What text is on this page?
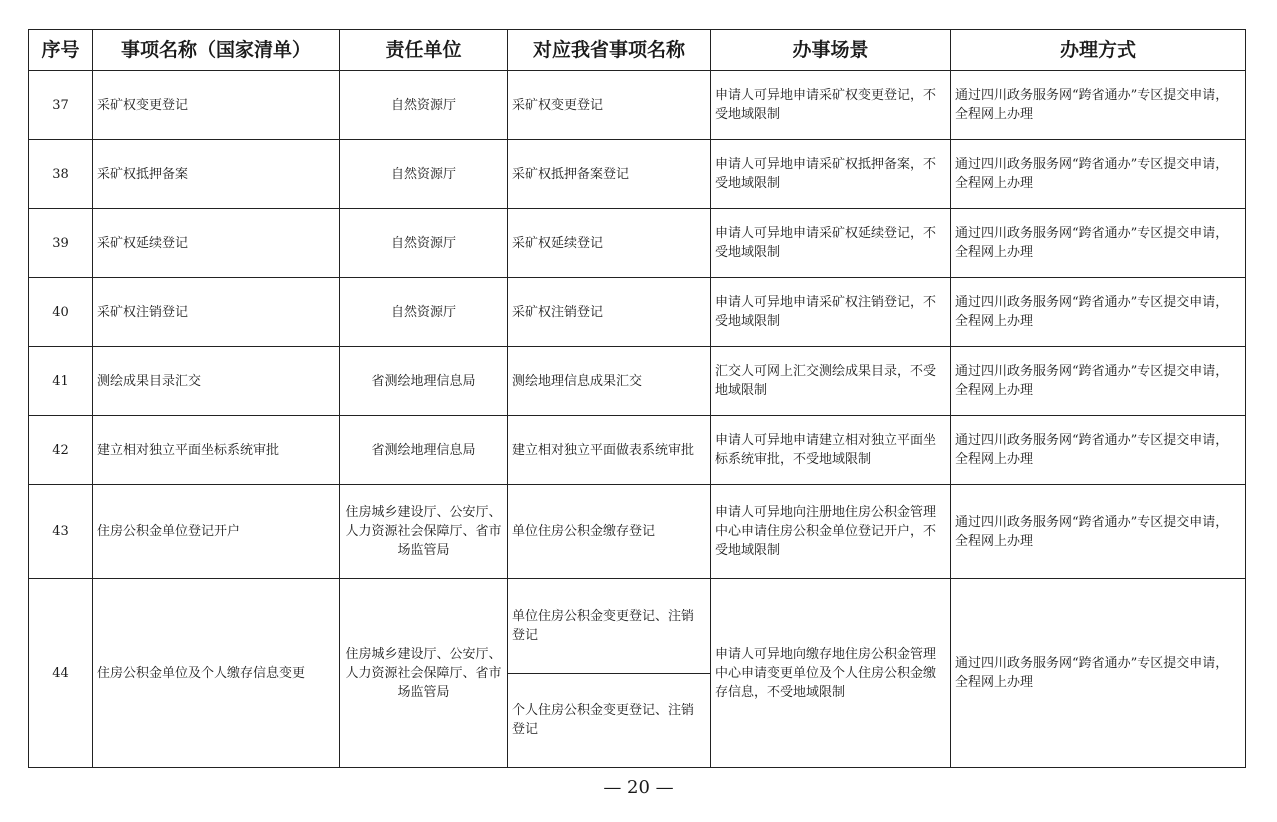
序号	事项名称（国家清单）	责任单位	对应我省事项名称	办事场景	办理方式
37	采矿权变更登记	自然资源厅	采矿权变更登记	申请人可异地申请采矿权变更登记，不受地域限制	通过四川政务服务网“跨省通办”专区提交申请，全程网上办理
38	采矿权抵押备案	自然资源厅	采矿权抵押备案登记	申请人可异地申请采矿权抵押备案，不受地域限制	通过四川政务服务网“跨省通办”专区提交申请，全程网上办理
39	采矿权延续登记	自然资源厅	采矿权延续登记	申请人可异地申请采矿权延续登记，不受地域限制	通过四川政务服务网“跨省通办”专区提交申请，全程网上办理
40	采矿权注销登记	自然资源厅	采矿权注销登记	申请人可异地申请采矿权注销登记，不受地域限制	通过四川政务服务网“跨省通办”专区提交申请，全程网上办理
41	测绘成果目录汇交	省测绘地理信息局	测绘地理信息成果汇交	汇交人可网上汇交测绘成果目录，不受地域限制	通过四川政务服务网“跨省通办”专区提交申请，全程网上办理
42	建立相对独立平面坐标系统审批	省测绘地理信息局	建立相对独立平面做表系统审批	申请人可异地申请建立相对独立平面坐标系统审批，不受地域限制	通过四川政务服务网“跨省通办”专区提交申请，全程网上办理
43	住房公积金单位登记开户	住房城乡建设厅、公安厅、人力资源社会保障厅、省市场监管局	单位住房公积金缴存登记	申请人可异地向注册地住房公积金管理中心申请住房公积金单位登记开户，不受地域限制	通过四川政务服务网“跨省通办”专区提交申请，全程网上办理
44	住房公积金单位及个人缴存信息变更	住房城乡建设厅、公安厅、人力资源社会保障厅、省市场监管局	单位住房公积金变更登记、注销登记
个人住房公积金变更登记、注销登记	申请人可异地向缴存地住房公积金管理中心申请变更单位及个人住房公积金缴存信息，不受地域限制	通过四川政务服务网“跨省通办”专区提交申请，全程网上办理
— 20 —
